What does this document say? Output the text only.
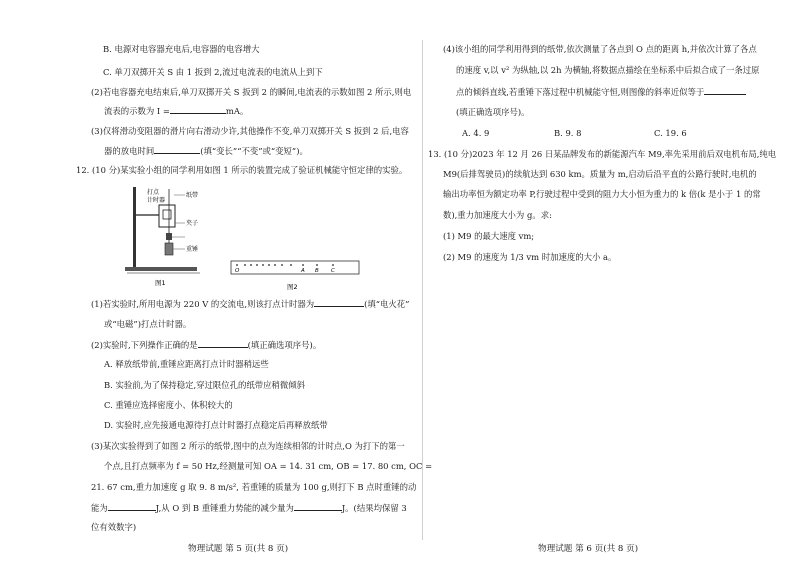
B. 电源对电容器充电后,电容器的电容增大
C. 单刀双掷开关 S 由 1 扳到 2,流过电流表的电流从上到下
(2)若电容器充电结束后,单刀双掷开关 S 扳到 2 的瞬间,电流表的示数如图 2 所示,则电
流表的示数为 I =	mA。
(3)仅将滑动变阻器的滑片向右滑动少许,其他操作不变,单刀双掷开关 S 扳到 2 后,电容
器的放电时间	(填“变长”“不变”或“变短”)。
12. (10 分)某实验小组的同学利用如图 1 所示的装置完成了验证机械能守恒定律的实验。
(1)若实验时,所用电源为 220 V 的交流电,则该打点计时器为	(填“电火花”
或“电磁”)打点计时器。
(2)实验时,下列操作正确的是	(填正确选项序号)。
A. 释放纸带前,重锤应距离打点计时器稍远些
B. 实验前,为了保持稳定,穿过限位孔的纸带应稍微倾斜
C. 重锤应选择密度小、体积较大的
D. 实验时,应先接通电源待打点计时器打点稳定后再释放纸带
(3)某次实验得到了如图 2 所示的纸带,图中的点为连续相邻的计时点,O 为打下的第一
个点,且打点频率为 f = 50 Hz,经测量可知 OA = 14. 31 cm, OB = 17. 80 cm, OC =
21. 67 cm,重力加速度 g 取 9. 8 m/s², 若重锤的质量为 100 g,则打下 B 点时重锤的动
能为	J,从 O 到 B 重锤重力势能的减少量为	J。(结果均保留 3
位有效数字)
(4)该小组的同学利用得到的纸带,依次测量了各点到 O 点的距离 h,并依次计算了各点
的速度 v,以 v² 为纵轴,以 2h 为横轴,将数据点描绘在坐标系中后拟合成了一条过原
点的倾斜直线,若重锤下落过程中机械能守恒,则图像的斜率近似等于
(填正确选项序号)。
A. 4. 9	B. 9. 8	C. 19. 6
13. (10 分)2023 年 12 月 26 日某品牌发布的新能源汽车 M9,率先采用前后双电机布局,纯电
M9(后排驾驶员)的续航达到 630 km。质量为 m,启动后沿平直的公路行驶时,电机的
输出功率恒为额定功率 P,行驶过程中受到的阻力大小恒为重力的 k 倍(k 是小于 1 的常
数),重力加速度大小为 g。求:
(1) M9 的最大速度 vm;
(2) M9 的速度为 1/3 vm 时加速度的大小 a。
打点
计时器
纸带
夹子
重锤
图1
O	A B C
图2
物理试题 第 5 页(共 8 页)	物理试题 第 6 页(共 8 页)
